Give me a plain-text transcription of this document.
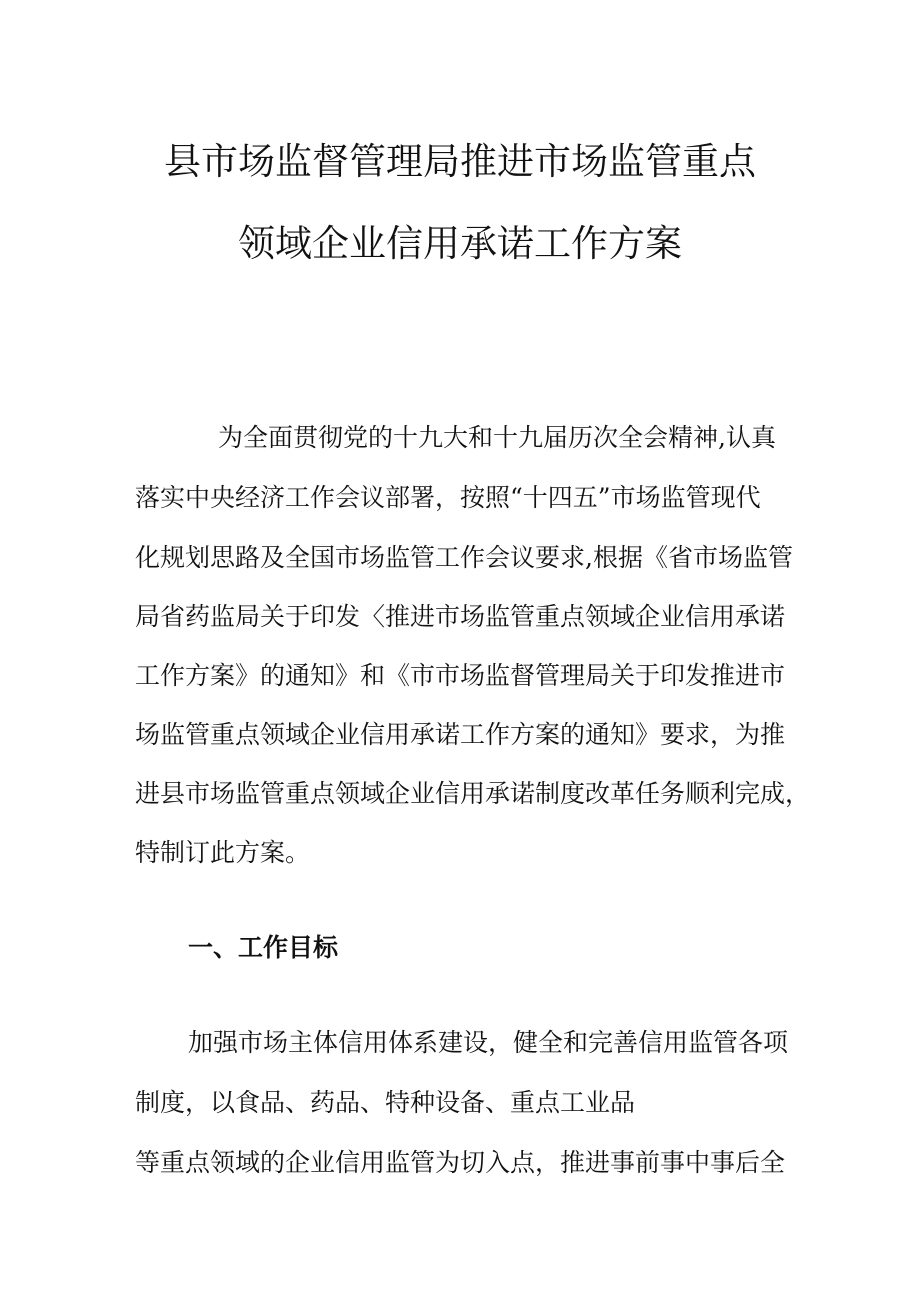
县市场监督管理局推进市场监管重点
领域企业信用承诺工作方案
为全面贯彻党的十九大和十九届历次全会精神,认真
落实中央经济工作会议部署，按照“十四五”市场监管现代
化规划思路及全国市场监管工作会议要求,根据《省市场监管
局省药监局关于印发〈推进市场监管重点领域企业信用承诺
工作方案》的通知》和《市市场监督管理局关于印发推进市
场监管重点领域企业信用承诺工作方案的通知》要求，为推
进县市场监管重点领域企业信用承诺制度改革任务顺利完成，
特制订此方案。
一、工作目标
加强市场主体信用体系建设，健全和完善信用监管各项
制度，以食品、药品、特种设备、重点工业品
等重点领域的企业信用监管为切入点，推进事前事中事后全
